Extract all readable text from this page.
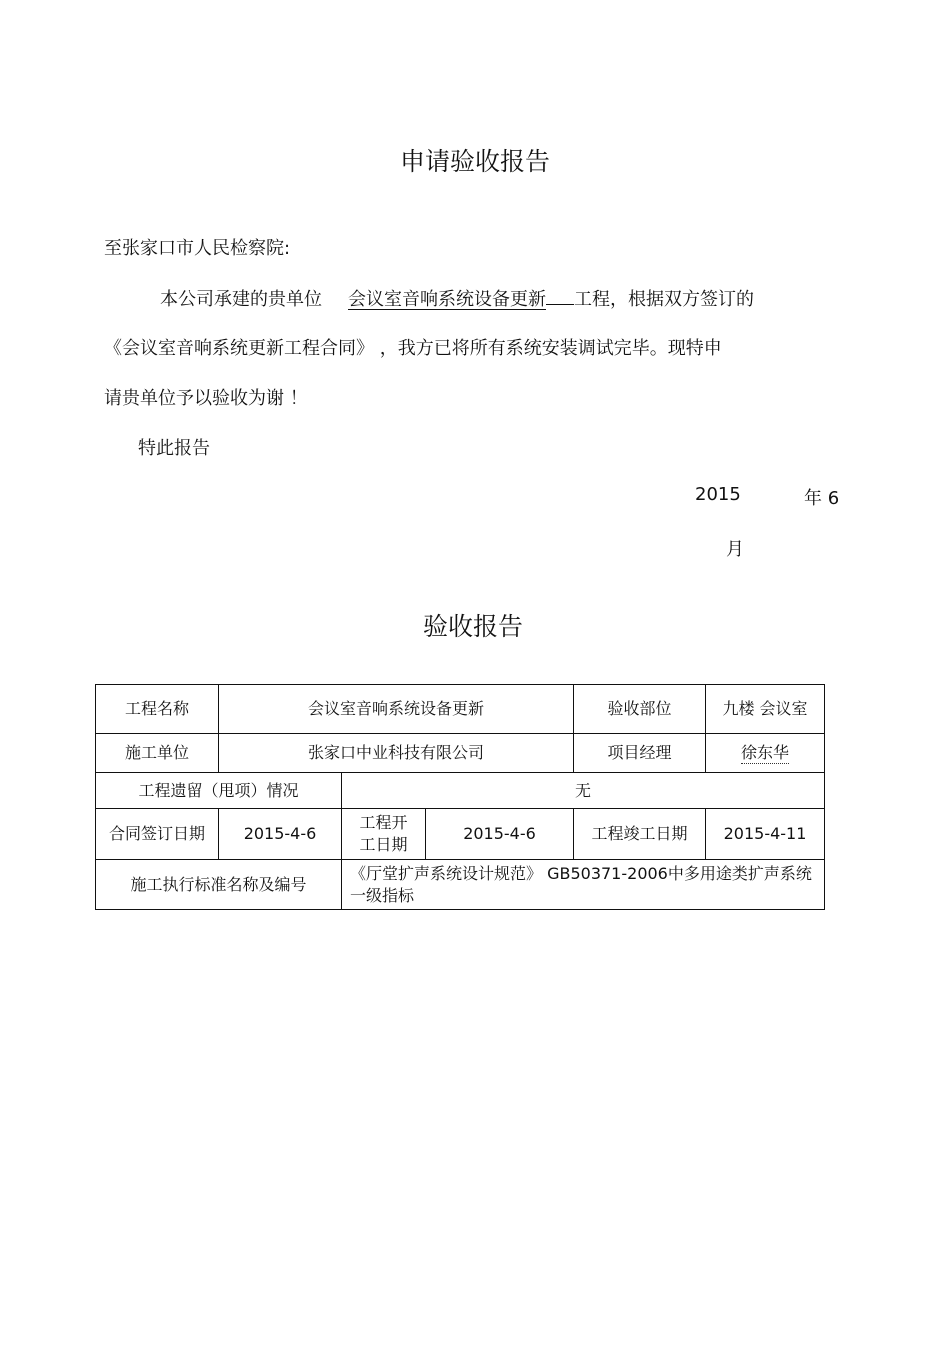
申请验收报告
至张家口市人民检察院:
本公司承建的贵单位 会议室音响系统设备更新 工程，根据双方签订的
《会议室音响系统更新工程合同》 ，我方已将所有系统安装调试完毕。现特申
请贵单位予以验收为谢 ！
特此报告
2015	年 6
月
验收报告
工程名称	会议室音响系统设备更新			验收部位	九楼 会议室
施工单位	张家口中业科技有限公司			项目经理	徐东华
工程遗留（甩项）情况		无			
合同签订日期	2015-4-6	工程开工日期	2015-4-6	工程竣工日期	2015-4-11
施工执行标准名称及编号		《厅堂扩声系统设计规范》 GB50371-2006中多用途类扩声系统一级指标			
